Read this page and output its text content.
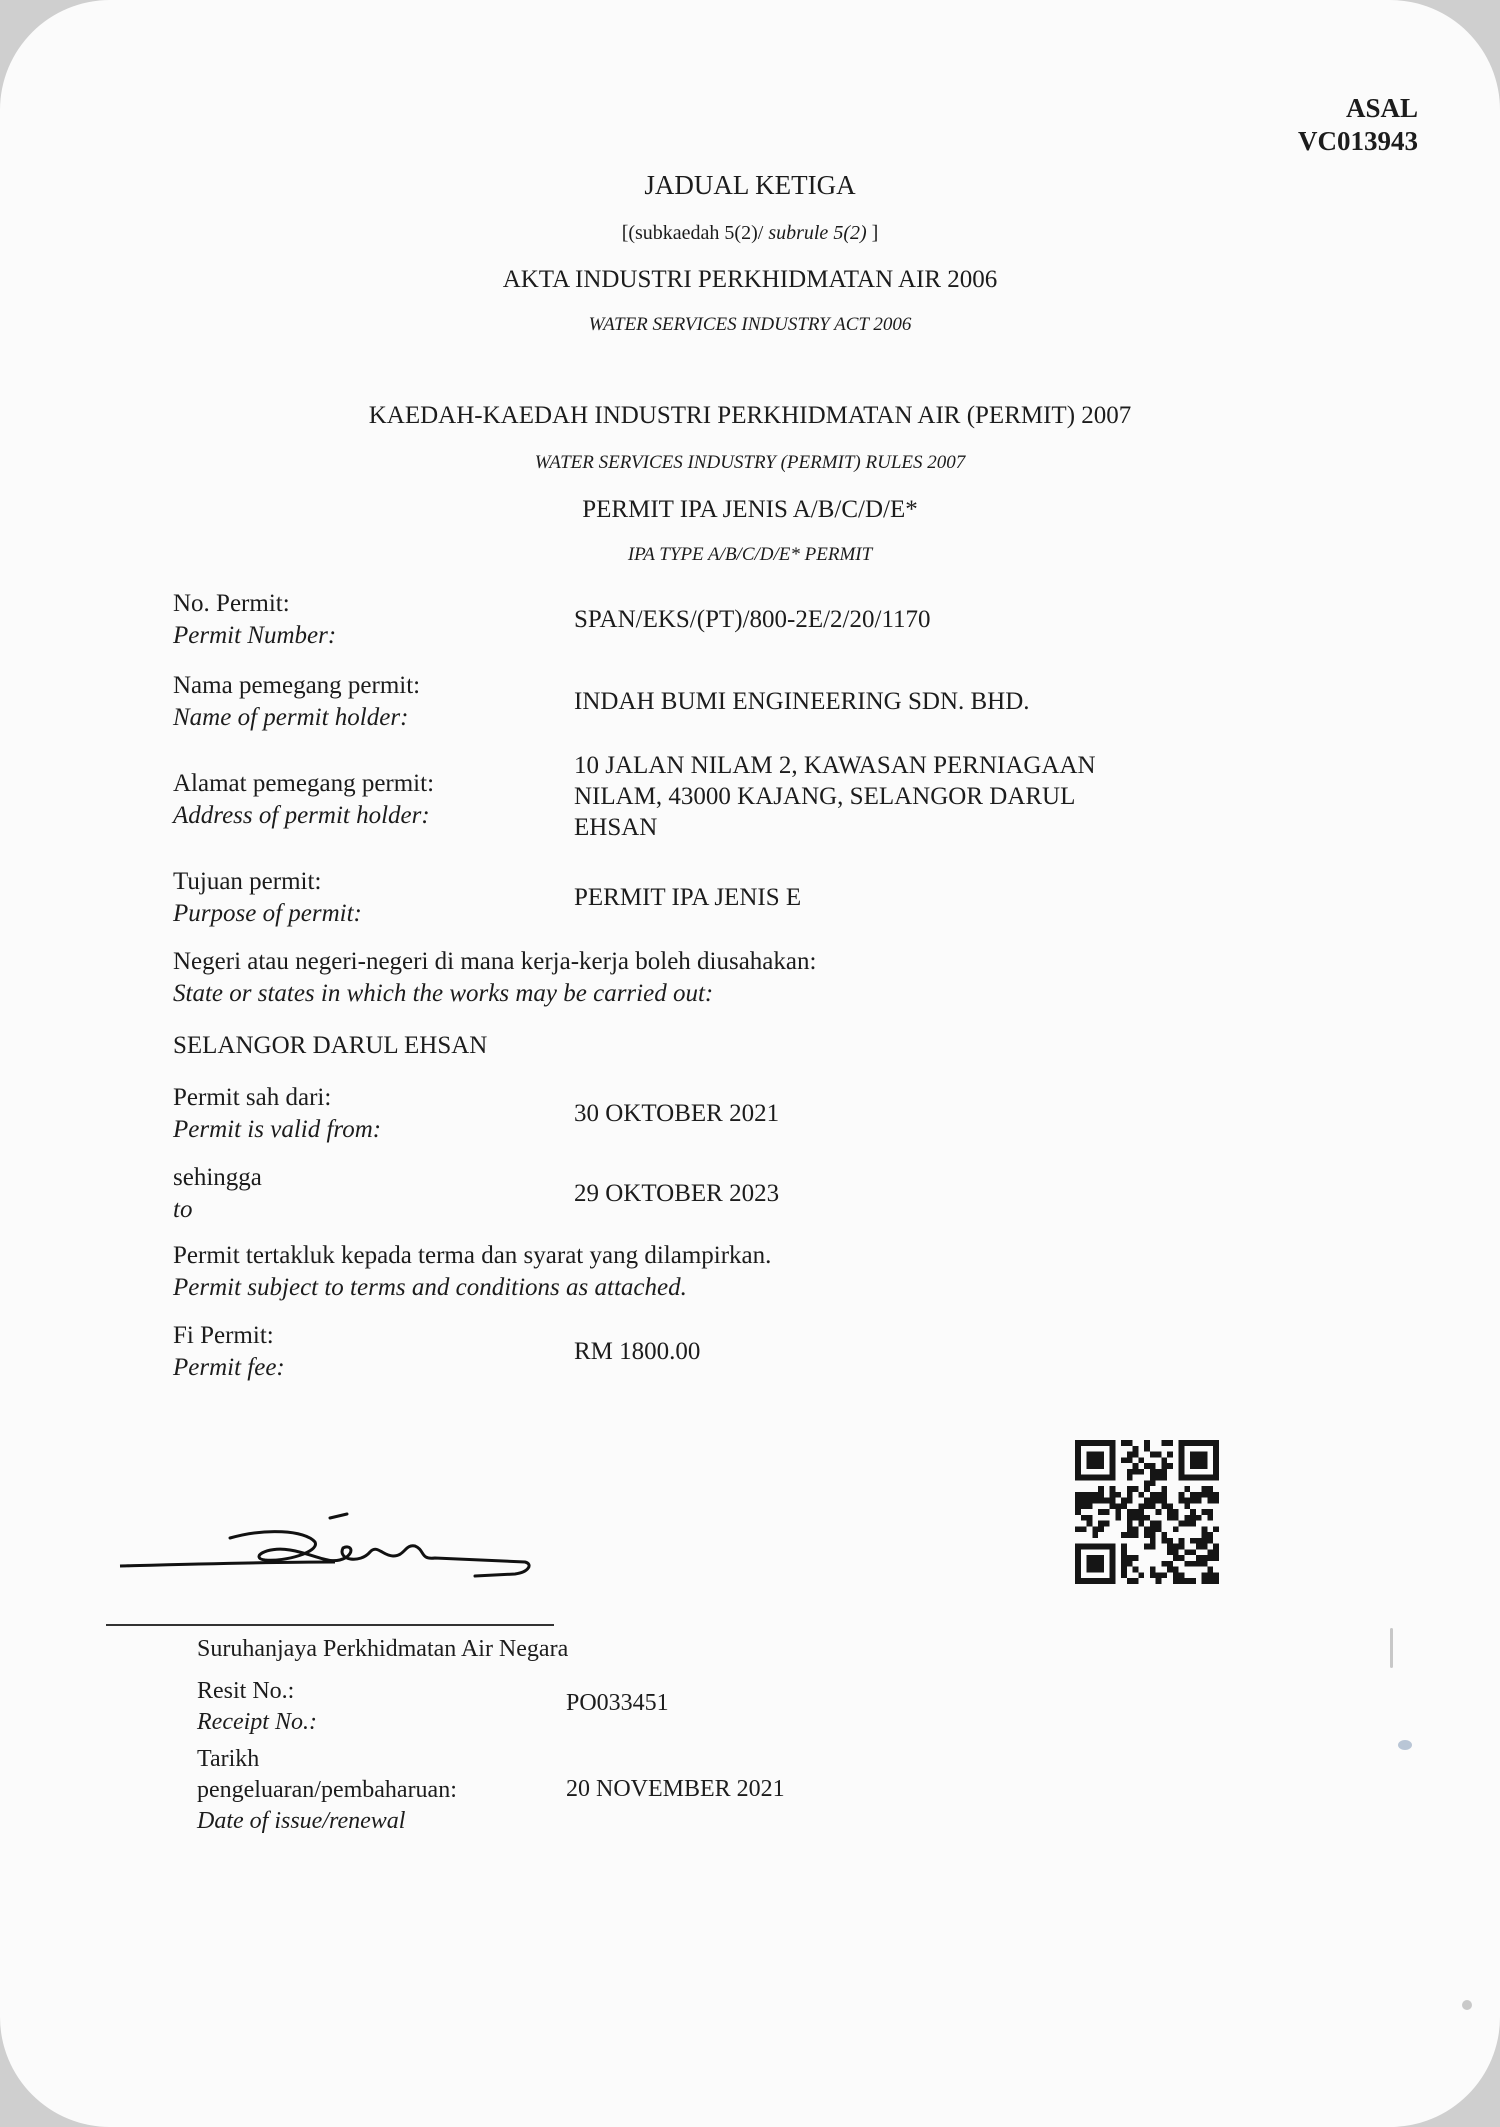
ASAL
VC013943
JADUAL KETIGA
[(subkaedah 5(2)/ subrule 5(2) ]
AKTA INDUSTRI PERKHIDMATAN AIR 2006
WATER SERVICES INDUSTRY ACT 2006
KAEDAH-KAEDAH INDUSTRI PERKHIDMATAN AIR (PERMIT) 2007
WATER SERVICES INDUSTRY (PERMIT) RULES 2007
PERMIT IPA JENIS A/B/C/D/E*
IPA TYPE A/B/C/D/E* PERMIT
No. Permit:
Permit Number:
SPAN/EKS/(PT)/800-2E/2/20/1170
Nama pemegang permit:
Name of permit holder:
INDAH BUMI ENGINEERING SDN. BHD.
Alamat pemegang permit:
Address of permit holder:
10 JALAN NILAM 2, KAWASAN PERNIAGAAN
NILAM, 43000 KAJANG, SELANGOR DARUL
EHSAN
Tujuan permit:
Purpose of permit:
PERMIT IPA JENIS E
Negeri atau negeri-negeri di mana kerja-kerja boleh diusahakan:
State or states in which the works may be carried out:
SELANGOR DARUL EHSAN
Permit sah dari:
Permit is valid from:
30 OKTOBER 2021
sehingga
to
29 OKTOBER 2023
Permit tertakluk kepada terma dan syarat yang dilampirkan.
Permit subject to terms and conditions as attached.
Fi Permit:
Permit fee:
RM 1800.00
Suruhanjaya Perkhidmatan Air Negara
Resit No.:
Receipt No.:
PO033451
Tarikh
pengeluaran/pembaharuan:
Date of issue/renewal
20 NOVEMBER 2021
